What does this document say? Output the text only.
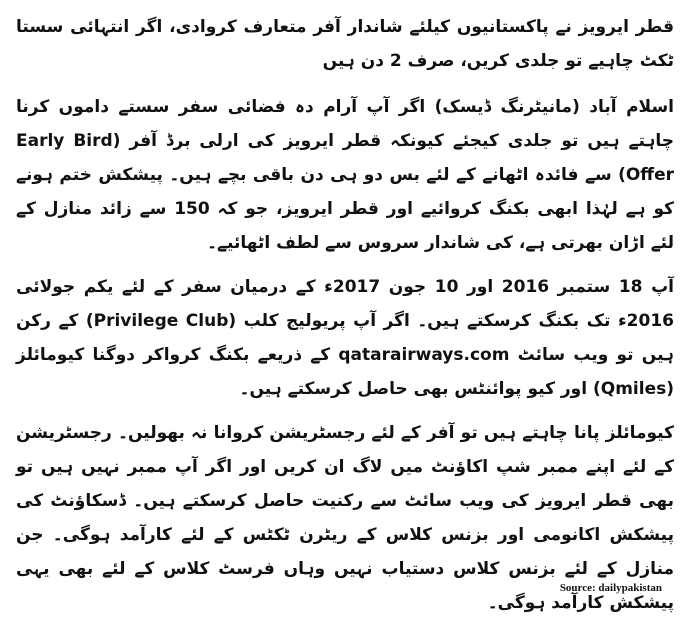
قطر ایرویز نے پاکستانیوں کیلئے شاندار آفر متعارف کروادی، اگر انتہائی سستا ٹکٹ چاہیے تو جلدی کریں، صرف 2 دن ہیں

اسلام آباد (مانیٹرنگ ڈیسک) اگر آپ آرام دہ فضائی سفر سستے داموں کرنا چاہتے ہیں تو جلدی کیجئے کیونکہ قطر ایرویز کی ارلی برڈ آفر (Early Bird Offer) سے فائدہ اٹھانے کے لئے بس دو ہی دن باقی بچے ہیں۔ پیشکش ختم ہونے کو ہے لہٰذا ابھی بکنگ کروائیے اور قطر ایرویز، جو کہ 150 سے زائد منازل کے لئے اڑان بھرتی ہے، کی شاندار سروس سے لطف اٹھائیے۔

آپ 18 ستمبر 2016 اور 10 جون 2017ء کے درمیان سفر کے لئے یکم جولائی 2016ء تک بکنگ کرسکتے ہیں۔ اگر آپ پریولیج کلب (Privilege Club) کے رکن ہیں تو ویب سائٹ qatarairways.com کے ذریعے بکنگ کرواکر دوگنا کیومائلز (Qmiles) اور کیو پوائنٹس بھی حاصل کرسکتے ہیں۔

کیومائلز پانا چاہتے ہیں تو آفر کے لئے رجسٹریشن کروانا نہ بھولیں۔ رجسٹریشن کے لئے اپنے ممبر شپ اکاؤنٹ میں لاگ ان کریں اور اگر آپ ممبر نہیں ہیں تو بھی قطر ایرویز کی ویب سائٹ سے رکنیت حاصل کرسکتے ہیں۔ ڈسکاؤنٹ کی پیشکش اکانومی اور بزنس کلاس کے ریٹرن ٹکٹس کے لئے کارآمد ہوگی۔ جن منازل کے لئے بزنس کلاس دستیاب نہیں وہاں فرسٹ کلاس کے لئے بھی یہی پیشکش کارآمد ہوگی۔

Source: dailypakistan
